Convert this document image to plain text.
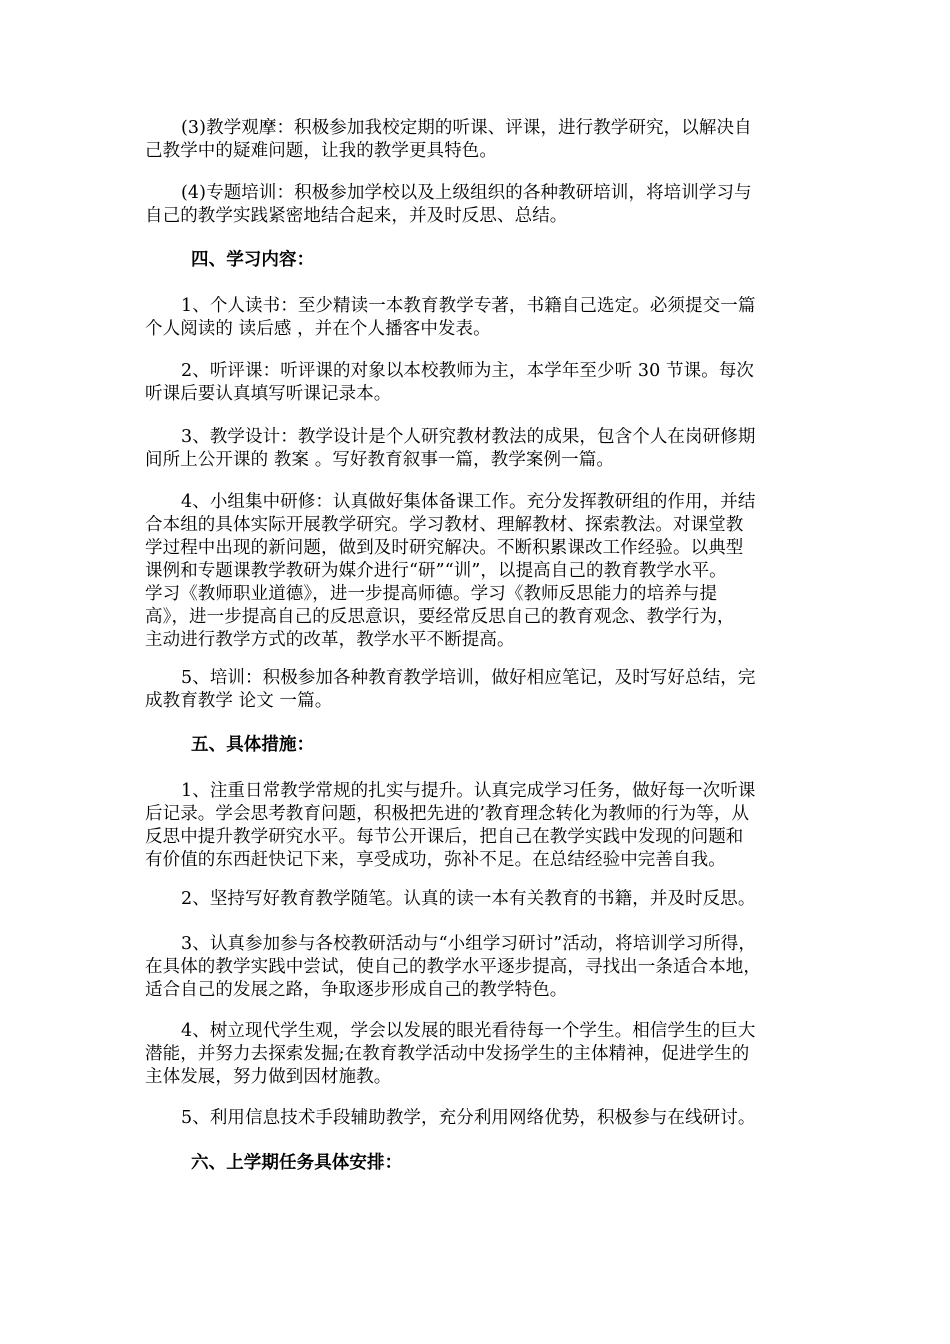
(3)教学观摩：积极参加我校定期的听课、评课，进行教学研究，以解决自
己教学中的疑难问题，让我的教学更具特色。
(4)专题培训：积极参加学校以及上级组织的各种教研培训，将培训学习与
自己的教学实践紧密地结合起来，并及时反思、总结。
四、学习内容：
1、个人读书：至少精读一本教育教学专著，书籍自己选定。必须提交一篇
个人阅读的 读后感 ，并在个人播客中发表。
2、听评课：听评课的对象以本校教师为主，本学年至少听 30 节课。每次
听课后要认真填写听课记录本。
3、教学设计：教学设计是个人研究教材教法的成果，包含个人在岗研修期
间所上公开课的 教案 。写好教育叙事一篇，教学案例一篇。
4、小组集中研修：认真做好集体备课工作。充分发挥教研组的作用，并结
合本组的具体实际开展教学研究。学习教材、理解教材、探索教法。对课堂教
学过程中出现的新问题，做到及时研究解决。不断积累课改工作经验。以典型
课例和专题课教学教研为媒介进行“研”“训”，以提高自己的教育教学水平。
学习《教师职业道德》，进一步提高师德。学习《教师反思能力的培养与提
高》，进一步提高自己的反思意识，要经常反思自己的教育观念、教学行为，
主动进行教学方式的改革，教学水平不断提高。
5、培训：积极参加各种教育教学培训，做好相应笔记，及时写好总结，完
成教育教学 论文 一篇。
五、具体措施：
1、注重日常教学常规的扎实与提升。认真完成学习任务，做好每一次听课
后记录。学会思考教育问题，积极把先进的’教育理念转化为教师的行为等，从
反思中提升教学研究水平。每节公开课后，把自己在教学实践中发现的问题和
有价值的东西赶快记下来，享受成功，弥补不足。在总结经验中完善自我。
2、坚持写好教育教学随笔。认真的读一本有关教育的书籍，并及时反思。
3、认真参加参与各校教研活动与“小组学习研讨”活动，将培训学习所得，
在具体的教学实践中尝试，使自己的教学水平逐步提高，寻找出一条适合本地，
适合自己的发展之路，争取逐步形成自己的教学特色。
4、树立现代学生观，学会以发展的眼光看待每一个学生。相信学生的巨大
潜能，并努力去探索发掘;在教育教学活动中发扬学生的主体精神，促进学生的
主体发展，努力做到因材施教。
5、利用信息技术手段辅助教学，充分利用网络优势，积极参与在线研讨。
六、上学期任务具体安排：
